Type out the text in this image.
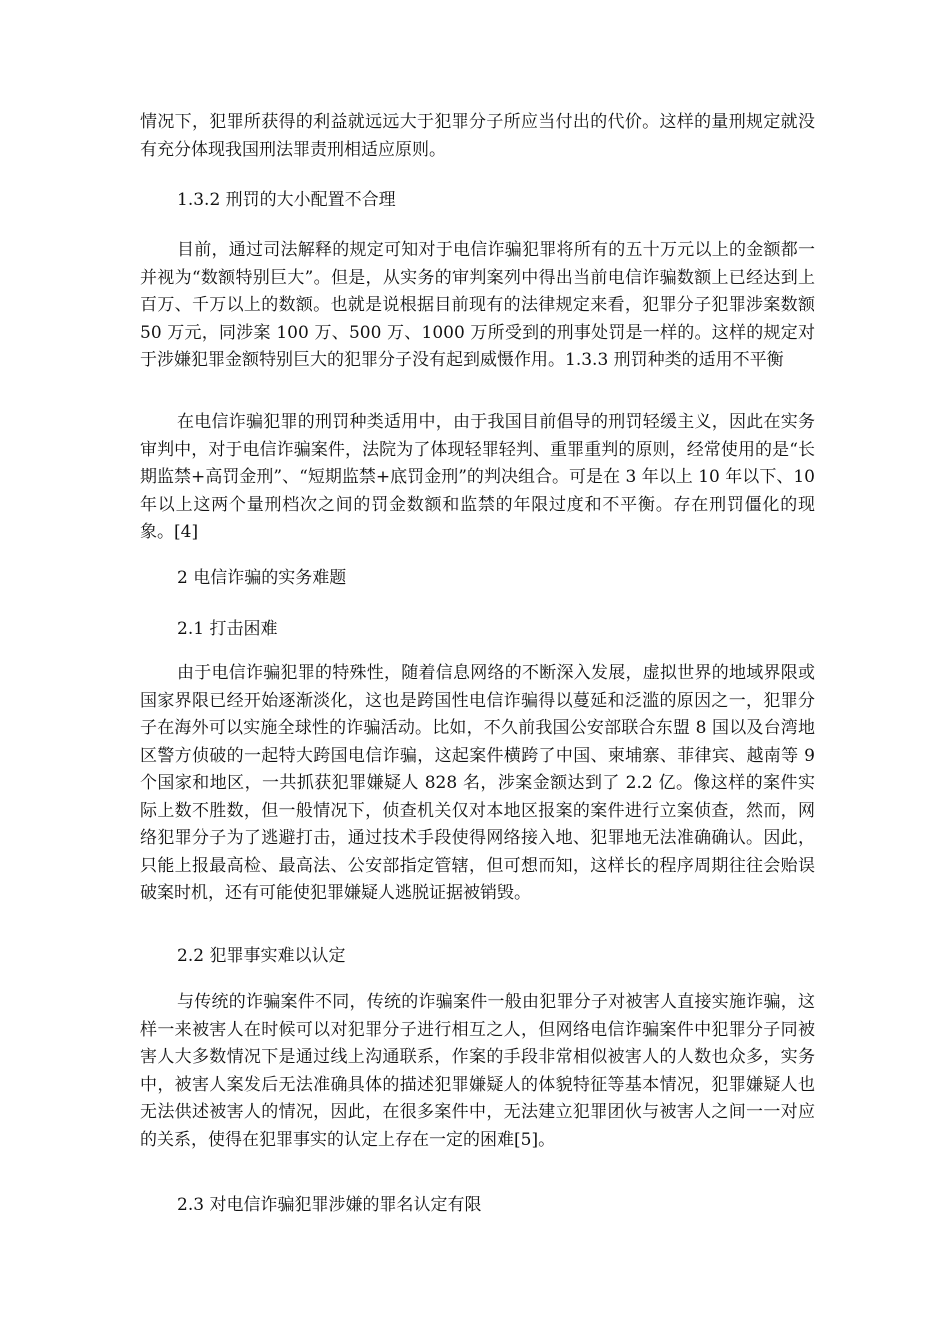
情况下，犯罪所获得的利益就远远大于犯罪分子所应当付出的代价。这样的量刑规定就没有充分体现我国刑法罪责刑相适应原则。
1.3.2 刑罚的大小配置不合理
目前，通过司法解释的规定可知对于电信诈骗犯罪将所有的五十万元以上的金额都一并视为“数额特别巨大”。但是，从实务的审判案列中得出当前电信诈骗数额上已经达到上百万、千万以上的数额。也就是说根据目前现有的法律规定来看，犯罪分子犯罪涉案数额 50 万元，同涉案 100 万、500 万、1000 万所受到的刑事处罚是一样的。这样的规定对于涉嫌犯罪金额特别巨大的犯罪分子没有起到威慑作用。1.3.3 刑罚种类的适用不平衡
在电信诈骗犯罪的刑罚种类适用中，由于我国目前倡导的刑罚轻缓主义，因此在实务审判中，对于电信诈骗案件，法院为了体现轻罪轻判、重罪重判的原则，经常使用的是“长期监禁+高罚金刑”、“短期监禁+底罚金刑”的判决组合。可是在 3 年以上 10 年以下、10 年以上这两个量刑档次之间的罚金数额和监禁的年限过度和不平衡。存在刑罚僵化的现象。[4]
2 电信诈骗的实务难题
2.1 打击困难
由于电信诈骗犯罪的特殊性，随着信息网络的不断深入发展，虚拟世界的地域界限或国家界限已经开始逐渐淡化，这也是跨国性电信诈骗得以蔓延和泛滥的原因之一，犯罪分子在海外可以实施全球性的诈骗活动。比如，不久前我国公安部联合东盟 8 国以及台湾地区警方侦破的一起特大跨国电信诈骗，这起案件横跨了中国、柬埔寨、菲律宾、越南等 9 个国家和地区，一共抓获犯罪嫌疑人 828 名，涉案金额达到了 2.2 亿。像这样的案件实际上数不胜数，但一般情况下，侦查机关仅对本地区报案的案件进行立案侦查，然而，网络犯罪分子为了逃避打击，通过技术手段使得网络接入地、犯罪地无法准确确认。因此，只能上报最高检、最高法、公安部指定管辖，但可想而知，这样长的程序周期往往会贻误破案时机，还有可能使犯罪嫌疑人逃脱证据被销毁。
2.2 犯罪事实难以认定
与传统的诈骗案件不同，传统的诈骗案件一般由犯罪分子对被害人直接实施诈骗，这样一来被害人在时候可以对犯罪分子进行相互之人，但网络电信诈骗案件中犯罪分子同被害人大多数情况下是通过线上沟通联系，作案的手段非常相似被害人的人数也众多，实务中，被害人案发后无法准确具体的描述犯罪嫌疑人的体貌特征等基本情况，犯罪嫌疑人也无法供述被害人的情况，因此，在很多案件中，无法建立犯罪团伙与被害人之间一一对应的关系，使得在犯罪事实的认定上存在一定的困难[5]。
2.3 对电信诈骗犯罪涉嫌的罪名认定有限
